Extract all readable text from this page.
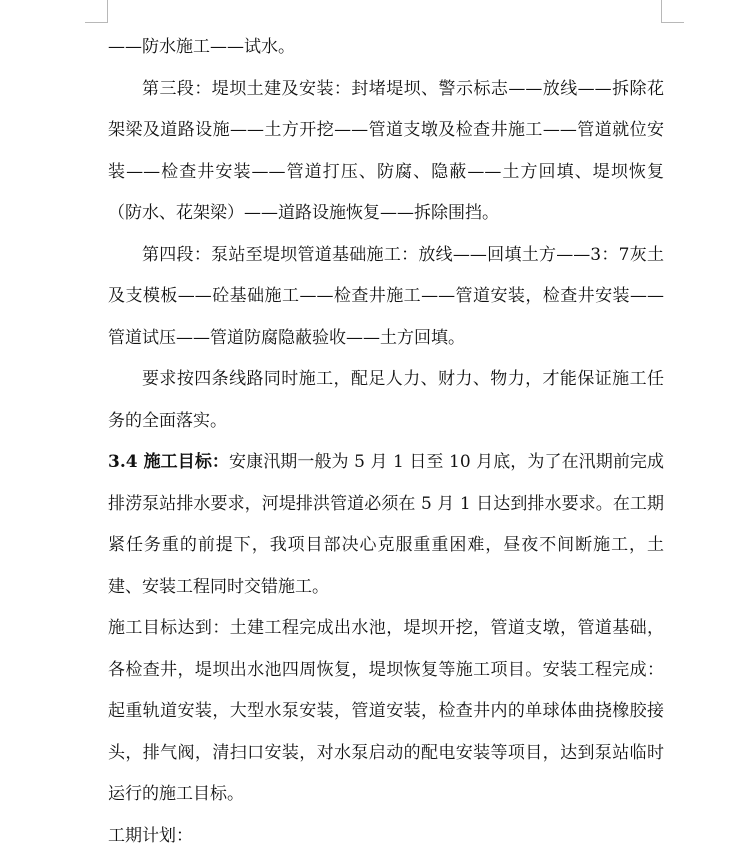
——防水施工——试水。

第三段：堤坝土建及安装：封堵堤坝、警示标志——放线——拆除花架梁及道路设施——土方开挖——管道支墩及检查井施工——管道就位安装——检查井安装——管道打压、防腐、隐蔽——土方回填、堤坝恢复（防水、花架梁）——道路设施恢复——拆除围挡。

第四段：泵站至堤坝管道基础施工：放线——回填土方——3：7灰土及支模板——砼基础施工——检查井施工——管道安装，检查井安装——管道试压——管道防腐隐蔽验收——土方回填。

要求按四条线路同时施工，配足人力、财力、物力，才能保证施工任务的全面落实。

3.4 施工目标：安康汛期一般为 5 月 1 日至 10 月底，为了在汛期前完成排涝泵站排水要求，河堤排洪管道必须在 5 月 1 日达到排水要求。在工期紧任务重的前提下，我项目部决心克服重重困难，昼夜不间断施工，土建、安装工程同时交错施工。

施工目标达到：土建工程完成出水池，堤坝开挖，管道支墩，管道基础，各检查井，堤坝出水池四周恢复，堤坝恢复等施工项目。安装工程完成：起重轨道安装，大型水泵安装，管道安装，检查井内的单球体曲挠橡胶接头，排气阀，清扫口安装，对水泵启动的配电安装等项目，达到泵站临时运行的施工目标。

工期计划：
